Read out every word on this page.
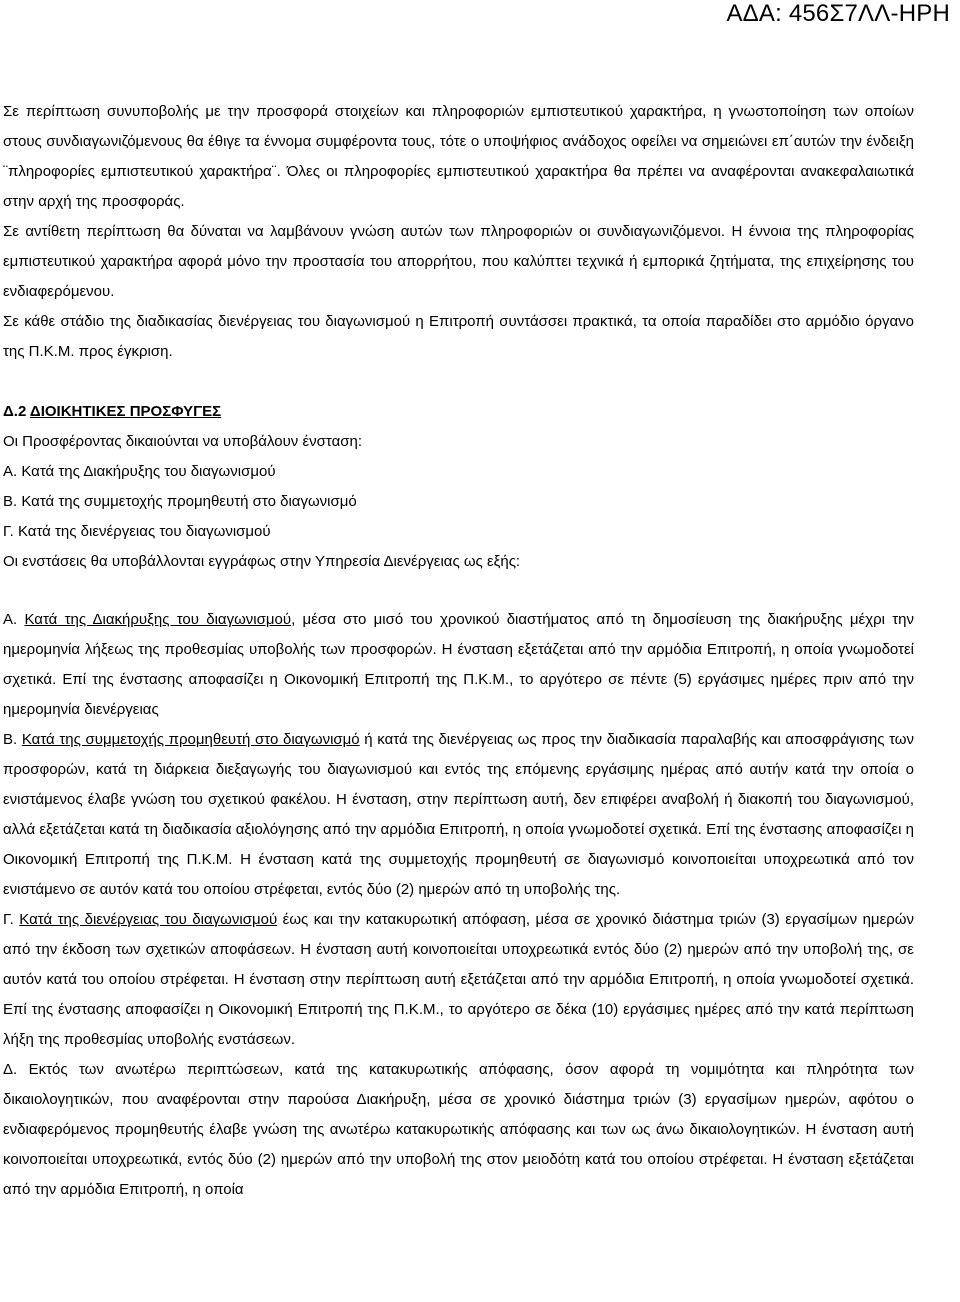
ΑΔΑ: 456Σ7ΛΛ-ΗΡΗ

Σε περίπτωση συνυποβολής με την προσφορά στοιχείων και πληροφοριών εμπιστευτικού χαρακτήρα, η γνωστοποίηση των οποίων στους συνδιαγωνιζόμενους θα έθιγε τα έννομα συμφέροντα τους, τότε ο υποψήφιος ανάδοχος οφείλει να σημειώνει επ΄αυτών την ένδειξη ¨πληροφορίες εμπιστευτικού χαρακτήρα¨. Όλες οι πληροφορίες εμπιστευτικού χαρακτήρα θα πρέπει να αναφέρονται ανακεφαλαιωτικά στην αρχή της προσφοράς.

Σε αντίθετη περίπτωση θα δύναται να λαμβάνουν γνώση αυτών των πληροφοριών οι συνδιαγωνιζόμενοι. Η έννοια της πληροφορίας εμπιστευτικού χαρακτήρα αφορά μόνο την προστασία του απορρήτου, που καλύπτει τεχνικά ή εμπορικά ζητήματα, της επιχείρησης του ενδιαφερόμενου.

Σε κάθε στάδιο της διαδικασίας διενέργειας του διαγωνισμού η Επιτροπή συντάσσει πρακτικά, τα οποία παραδίδει στο αρμόδιο όργανο της Π.Κ.Μ. προς έγκριση.

Δ.2 ΔΙΟΙΚΗΤΙΚΕΣ ΠΡΟΣΦΥΓΕΣ

Οι Προσφέροντας δικαιούνται να υποβάλουν ένσταση:

Α. Κατά της Διακήρυξης του διαγωνισμού

Β. Κατά της συμμετοχής προμηθευτή στο διαγωνισμό

Γ. Κατά της διενέργειας του διαγωνισμού

Οι ενστάσεις θα υποβάλλονται εγγράφως στην Υπηρεσία Διενέργειας ως εξής:

Α. Κατά της Διακήρυξης του διαγωνισμού, μέσα στο μισό του χρονικού διαστήματος από τη δημοσίευση της διακήρυξης μέχρι την ημερομηνία λήξεως της προθεσμίας υποβολής των προσφορών. Η ένσταση εξετάζεται από την αρμόδια Επιτροπή, η οποία γνωμοδοτεί σχετικά. Επί της ένστασης αποφασίζει η Οικονομική Επιτροπή της Π.Κ.Μ., το αργότερο σε πέντε (5) εργάσιμες ημέρες πριν από την ημερομηνία διενέργειας

Β. Κατά της συμμετοχής προμηθευτή στο διαγωνισμό ή κατά της διενέργειας ως προς την διαδικασία παραλαβής και αποσφράγισης των προσφορών, κατά τη διάρκεια διεξαγωγής του διαγωνισμού και εντός της επόμενης εργάσιμης ημέρας από αυτήν κατά την οποία ο ενιστάμενος έλαβε γνώση του σχετικού φακέλου. Η ένσταση, στην περίπτωση αυτή, δεν επιφέρει αναβολή ή διακοπή του διαγωνισμού, αλλά εξετάζεται κατά τη διαδικασία αξιολόγησης από την αρμόδια Επιτροπή, η οποία γνωμοδοτεί σχετικά. Επί της ένστασης αποφασίζει η Οικονομική Επιτροπή της Π.Κ.Μ. Η ένσταση κατά της συμμετοχής προμηθευτή σε διαγωνισμό κοινοποιείται υποχρεωτικά από τον ενιστάμενο σε αυτόν κατά του οποίου στρέφεται, εντός δύο (2) ημερών από τη υποβολής της.

Γ. Κατά της διενέργειας του διαγωνισμού έως και την κατακυρωτική απόφαση, μέσα σε χρονικό διάστημα τριών (3) εργασίμων ημερών από την έκδοση των σχετικών αποφάσεων. Η ένσταση αυτή κοινοποιείται υποχρεωτικά εντός δύο (2) ημερών από την υποβολή της, σε αυτόν κατά του οποίου στρέφεται. Η ένσταση στην περίπτωση αυτή εξετάζεται από την αρμόδια Επιτροπή, η οποία γνωμοδοτεί σχετικά. Επί της ένστασης αποφασίζει η Οικονομική Επιτροπή της Π.Κ.Μ., το αργότερο σε δέκα (10) εργάσιμες ημέρες από την κατά περίπτωση λήξη της προθεσμίας υποβολής ενστάσεων.

Δ. Εκτός των ανωτέρω περιπτώσεων, κατά της κατακυρωτικής απόφασης, όσον αφορά τη νομιμότητα και πληρότητα των δικαιολογητικών, που αναφέρονται στην παρούσα Διακήρυξη, μέσα σε χρονικό διάστημα τριών (3) εργασίμων ημερών, αφότου ο ενδιαφερόμενος προμηθευτής έλαβε γνώση της ανωτέρω κατακυρωτικής απόφασης και των ως άνω δικαιολογητικών. Η ένσταση αυτή κοινοποιείται υποχρεωτικά, εντός δύο (2) ημερών από την υποβολή της στον μειοδότη κατά του οποίου στρέφεται. Η ένσταση εξετάζεται από την αρμόδια Επιτροπή, η οποία
